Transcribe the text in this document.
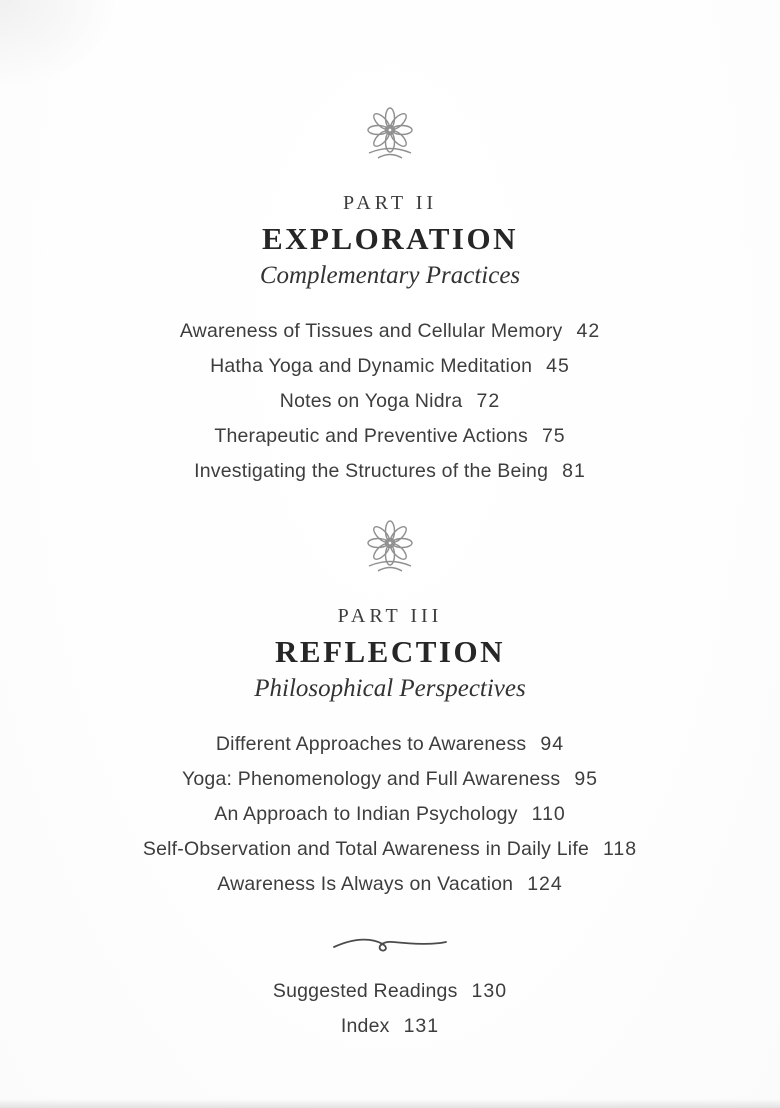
PART II
EXPLORATION
Complementary Practices
Awareness of Tissues and Cellular Memory 42
Hatha Yoga and Dynamic Meditation 45
Notes on Yoga Nidra 72
Therapeutic and Preventive Actions 75
Investigating the Structures of the Being 81
PART III
REFLECTION
Philosophical Perspectives
Different Approaches to Awareness 94
Yoga: Phenomenology and Full Awareness 95
An Approach to Indian Psychology 110
Self-Observation and Total Awareness in Daily Life 118
Awareness Is Always on Vacation 124
Suggested Readings 130
Index 131
